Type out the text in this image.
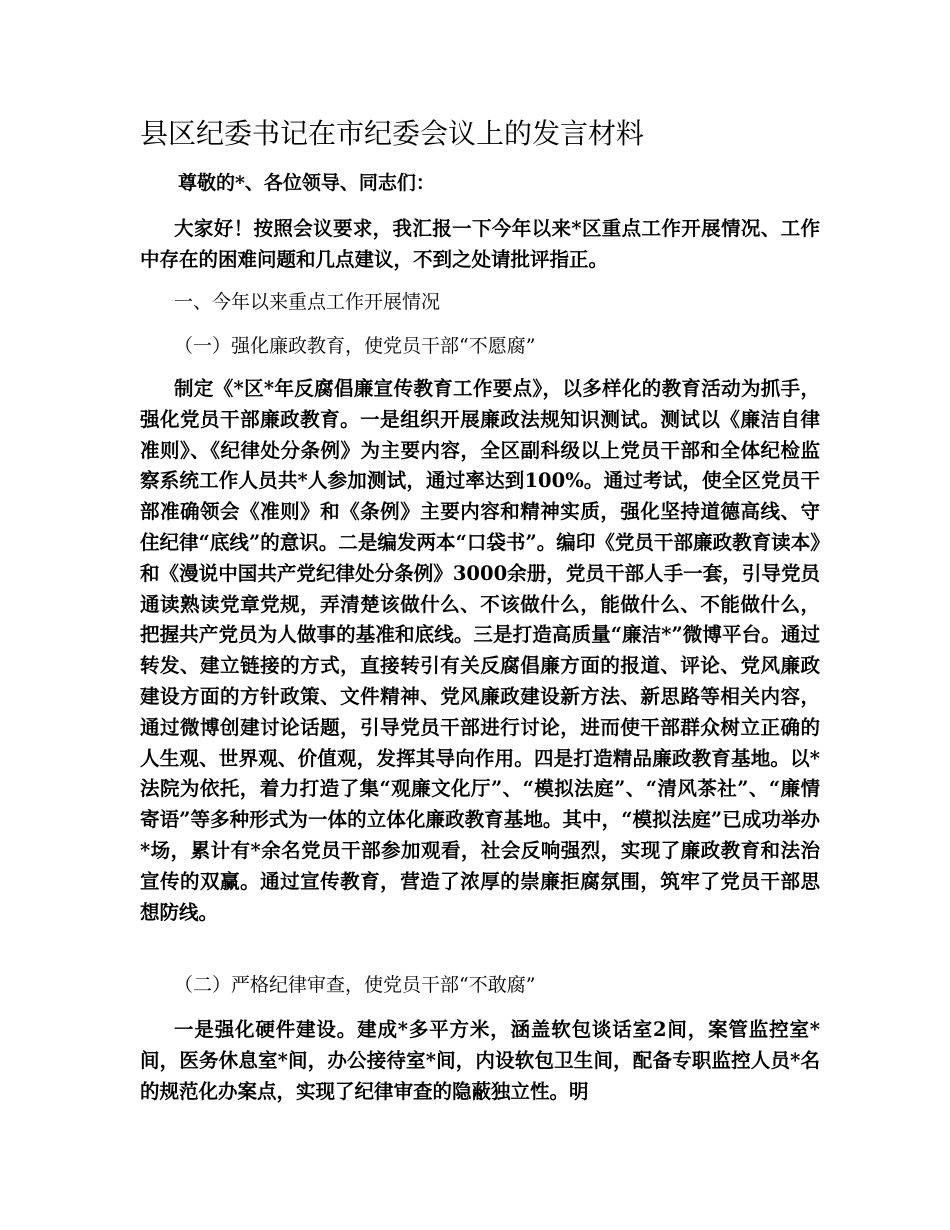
县区纪委书记在市纪委会议上的发言材料

尊敬的*、各位领导、同志们：

大家好！按照会议要求，我汇报一下今年以来*区重点工作开展情况、工作中存在的困难问题和几点建议，不到之处请批评指正。

一、今年以来重点工作开展情况

（一）强化廉政教育，使党员干部“不愿腐”

制定《*区*年反腐倡廉宣传教育工作要点》，以多样化的教育活动为抓手，强化党员干部廉政教育。一是组织开展廉政法规知识测试。测试以《廉洁自律准则》、《纪律处分条例》为主要内容，全区副科级以上党员干部和全体纪检监察系统工作人员共*人参加测试，通过率达到100%。通过考试，使全区党员干部准确领会《准则》和《条例》主要内容和精神实质，强化坚持道德高线、守住纪律“底线”的意识。二是编发两本“口袋书”。编印《党员干部廉政教育读本》和《漫说中国共产党纪律处分条例》3000余册，党员干部人手一套，引导党员通读熟读党章党规，弄清楚该做什么、不该做什么，能做什么、不能做什么，把握共产党员为人做事的基准和底线。三是打造高质量“廉洁*”微博平台。通过转发、建立链接的方式，直接转引有关反腐倡廉方面的报道、评论、党风廉政建设方面的方针政策、文件精神、党风廉政建设新方法、新思路等相关内容，通过微博创建讨论话题，引导党员干部进行讨论，进而使干部群众树立正确的人生观、世界观、价值观，发挥其导向作用。四是打造精品廉政教育基地。以*法院为依托，着力打造了集“观廉文化厅”、“模拟法庭”、“清风茶社”、“廉情寄语”等多种形式为一体的立体化廉政教育基地。其中，“模拟法庭”已成功举办*场，累计有*余名党员干部参加观看，社会反响强烈，实现了廉政教育和法治宣传的双赢。通过宣传教育，营造了浓厚的崇廉拒腐氛围，筑牢了党员干部思想防线。

（二）严格纪律审查，使党员干部“不敢腐”

一是强化硬件建设。建成*多平方米，涵盖软包谈话室2间，案管监控室*间，医务休息室*间，办公接待室*间，内设软包卫生间，配备专职监控人员*名的规范化办案点，实现了纪律审查的隐蔽独立性。明
